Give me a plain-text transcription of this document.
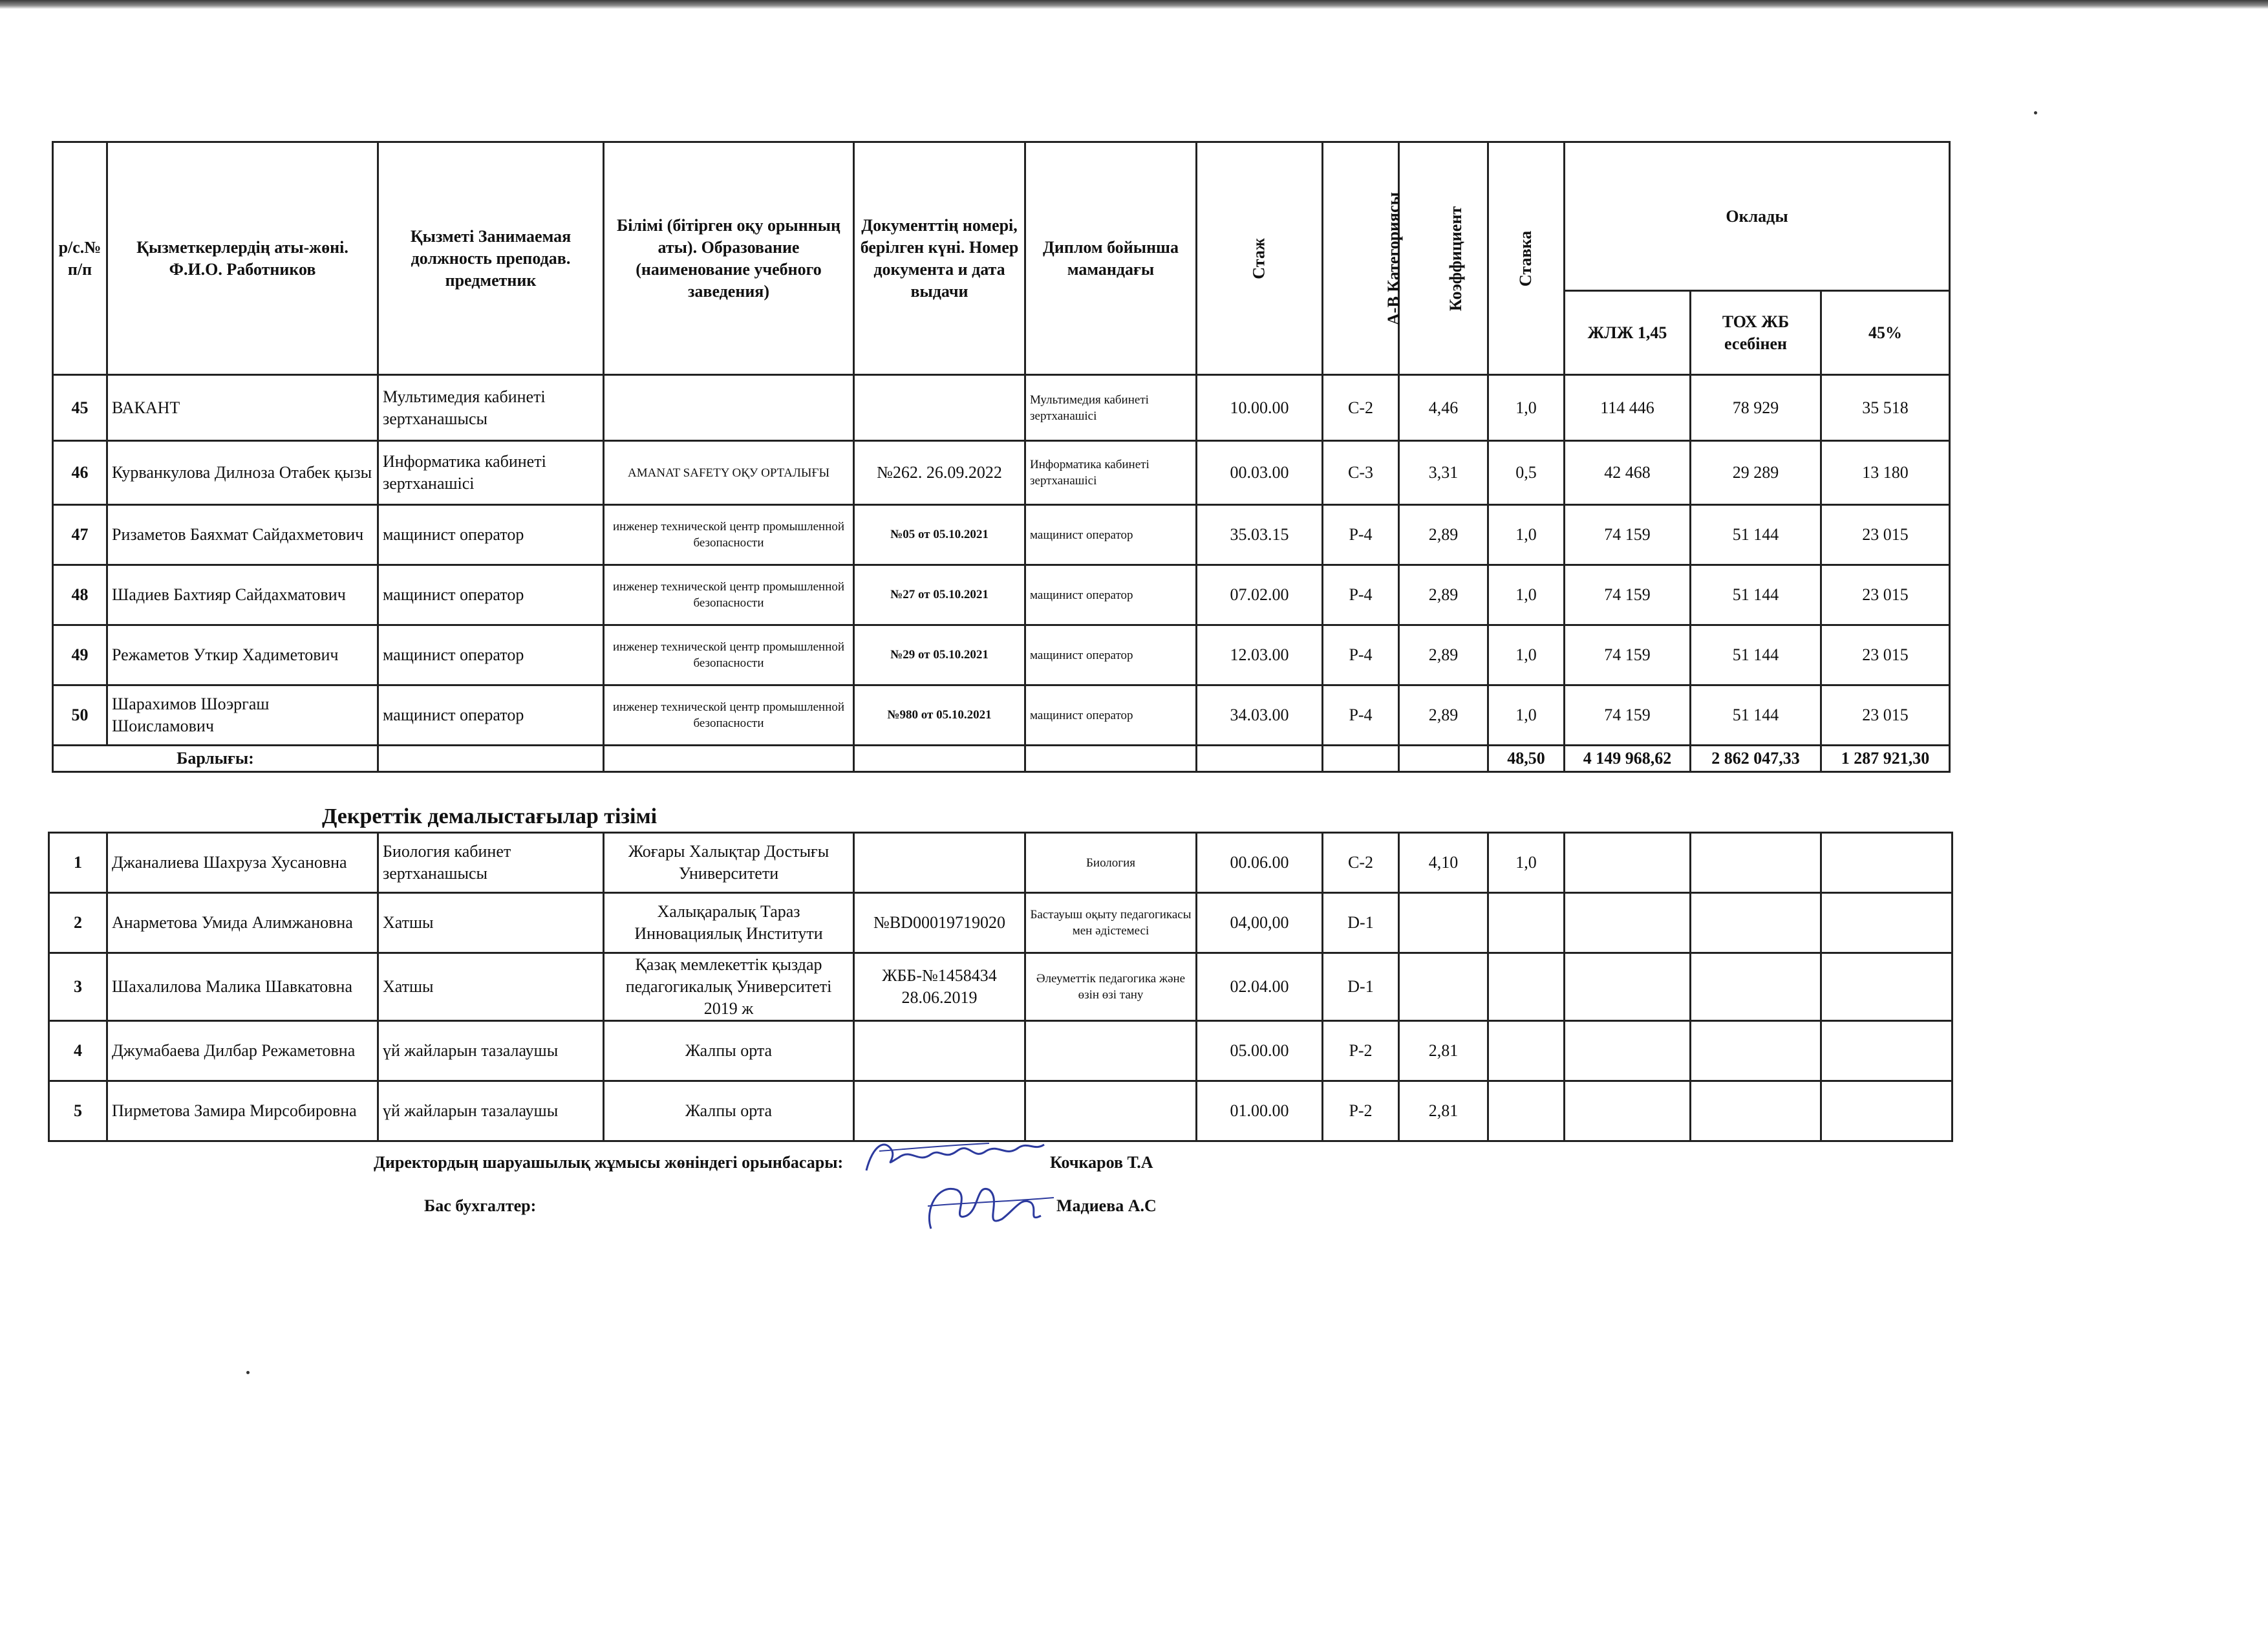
р/с.№ п/п	Қызметкерлердің аты-жөні. Ф.И.О. Работников	Қызметі Занимаемая должность преподав. предметник	Білімі (бітірген оқу орынның аты). Образование (наименование учебного заведения)	Документтің номері, берілген күні. Номер документа и дата выдачи	Диплом бойынша мамандағы	Стаж	А-В Категориясы	Коэффициент	Ставка	Оклады		
										ЖЛЖ 1,45	ТОХ ЖБ есебінен	45%
45	ВАКАНТ	Мультимедия кабинеті зертханашысы			Мультимедия кабинеті зертханашісі	10.00.00	С-2	4,46	1,0	114 446	78 929	35 518
46	Курванкулова Дилноза Отабек қызы	Информатика кабинеті зертханашісі	AMANAT SAFETY ОҚУ ОРТАЛЫҒЫ	№262. 26.09.2022	Информатика кабинеті зертханашісі	00.03.00	С-3	3,31	0,5	42 468	29 289	13 180
47	Ризаметов Баяхмат Сайдахметович	мащинист оператор	инженер технической центр промышленной безопасности	№05 от 05.10.2021	мащинист оператор	35.03.15	Р-4	2,89	1,0	74 159	51 144	23 015
48	Шадиев Бахтияр Сайдахматович	мащинист оператор	инженер технической центр промышленной безопасности	№27 от 05.10.2021	мащинист оператор	07.02.00	Р-4	2,89	1,0	74 159	51 144	23 015
49	Режаметов Уткир Хадиметович	мащинист оператор	инженер технической центр промышленной безопасности	№29 от 05.10.2021	мащинист оператор	12.03.00	Р-4	2,89	1,0	74 159	51 144	23 015
50	Шарахимов Шоэргаш Шоисламович	мащинист оператор	инженер технической центр промышленной безопасности	№980 от 05.10.2021	мащинист оператор	34.03.00	Р-4	2,89	1,0	74 159	51 144	23 015
Барлығы:									48,50	4 149 968,62	2 862 047,33	1 287 921,30
Декреттік демалыстағылар тізімі
1	Джаналиева Шахруза Хусановна	Биология кабинет зертханашысы	Жоғары Халықтар Достығы Университети		Биология	00.06.00	С-2	4,10	1,0			
2	Анарметова Умида Алимжановна	Хатшы	Халықаралық Тараз Инновациялық Институти	№BD00019719020	Бастауыш оқыту педагогикасы мен әдістемесі	04,00,00	D-1					
3	Шахалилова Малика Шавкатовна	Хатшы	Қазақ мемлекеттік қыздар педагогикалық Университеті 2019 ж	ЖББ-№1458434 28.06.2019	Әлеуметтік педагогика және өзін өзі тану	02.04.00	D-1					
4	Джумабаева Дилбар Режаметовна	үй жайларын тазалаушы	Жалпы орта			05.00.00	Р-2	2,81				
5	Пирметова Замира Мирсобировна	үй жайларын тазалаушы	Жалпы орта			01.00.00	Р-2	2,81				
Директордың шаруашылық жұмысы жөніндегі орынбасары:	Кочкаров Т.А
Бас бухгалтер:	Мадиева А.С
